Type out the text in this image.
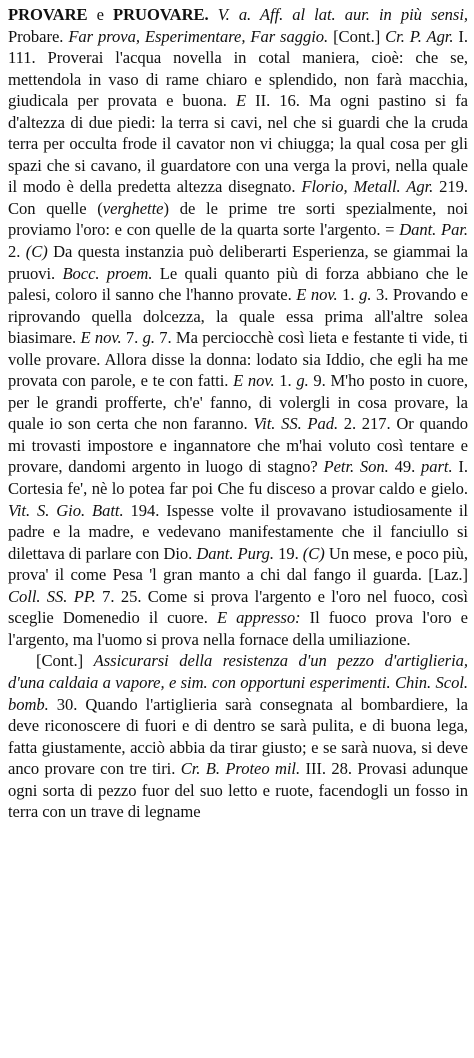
PROVARE e PRUOVARE. V. a. Aff. al lat. aur. in più sensi, Probare. Far prova, Esperimentare, Far saggio. [Cont.] Cr. P. Agr. I. 111. Proverai l'acqua novella in cotal maniera, cioè: che se, mettendola in vaso di rame chiaro e splendido, non farà macchia, giudicala per provata e buona. E II. 16. Ma ogni pastino si fa d'altezza di due piedi: la terra si cavi, nel che si guardi che la cruda terra per occulta frode il cavator non vi chiugga; la qual cosa per gli spazi che si cavano, il guardatore con una verga la provi, nella quale il modo è della predetta altezza disegnato. Florio, Metall. Agr. 219. Con quelle (verghette) de le prime tre sorti spezialmente, noi proviamo l'oro: e con quelle de la quarta sorte l'argento. = Dant. Par. 2. (C) Da questa instanzia può deliberarti Esperienza, se giammai la pruovi. Bocc. proem. Le quali quanto più di forza abbiano che le palesi, coloro il sanno che l'hanno provate. E nov. 1. g. 3. Provando e riprovando quella dolcezza, la quale essa prima all'altre solea biasimare. E nov. 7. g. 7. Ma perciocchè così lieta e festante ti vide, ti volle provare. Allora disse la donna: lodato sia Iddio, che egli ha me provata con parole, e te con fatti. E nov. 1. g. 9. M'ho posto in cuore, per le grandi profferte, ch'e' fanno, di volergli in cosa provare, la quale io son certa che non faranno. Vit. SS. Pad. 2. 217. Or quando mi trovasti impostore e ingannatore che m'hai voluto così tentare e provare, dandomi argento in luogo di stagno? Petr. Son. 49. part. I. Cortesia fe', nè lo potea far poi Che fu disceso a provar caldo e gielo. Vit. S. Gio. Batt. 194. Ispesse volte il provavano istudiosamente il padre e la madre, e vedevano manifestamente che il fanciullo si dilettava di parlare con Dio. Dant. Purg. 19. (C) Un mese, e poco più, prova' il come Pesa 'l gran manto a chi dal fango il guarda. [Laz.] Coll. SS. PP. 7. 25. Come si prova l'argento e l'oro nel fuoco, così sceglie Domenedio il cuore. E appresso: Il fuoco prova l'oro e l'argento, ma l'uomo si prova nella fornace della umiliazione.

[Cont.] Assicurarsi della resistenza d'un pezzo d'artiglieria, d'una caldaia a vapore, e sim. con opportuni esperimenti. Chin. Scol. bomb. 30. Quando l'artiglieria sarà consegnata al bombardiere, la deve riconoscere di fuori e di dentro se sarà pulita, e di buona lega, fatta giustamente, acciò abbia da tirar giusto; e se sarà nuova, si deve anco provare con tre tiri. Cr. B. Proteo mil. III. 28. Provasi adunque ogni sorta di pezzo fuor del suo letto e ruote, facendogli un fosso in terra con un trave di legname
